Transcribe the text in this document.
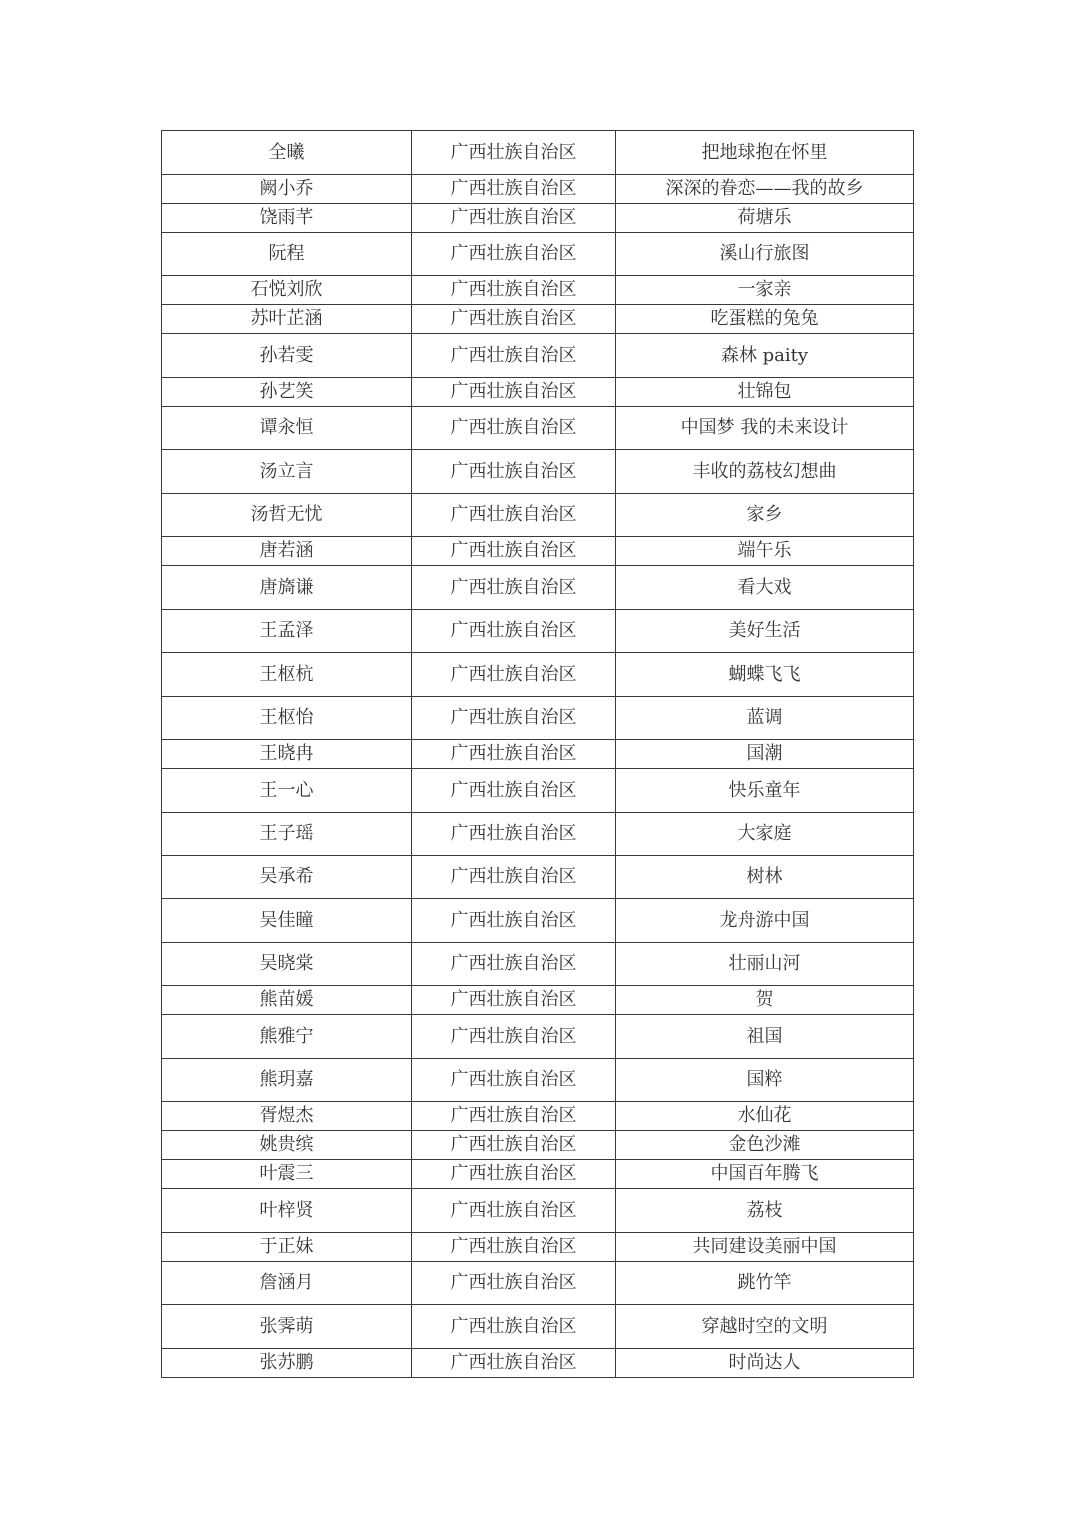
全曦	广西壮族自治区	把地球抱在怀里
阙小乔	广西壮族自治区	深深的眷恋——我的故乡
饶雨芊	广西壮族自治区	荷塘乐
阮程	广西壮族自治区	溪山行旅图
石悦刘欣	广西壮族自治区	一家亲
苏叶芷涵	广西壮族自治区	吃蛋糕的兔兔
孙若雯	广西壮族自治区	森林 paity
孙艺笑	广西壮族自治区	壮锦包
谭汆恒	广西壮族自治区	中国梦 我的未来设计
汤立言	广西壮族自治区	丰收的荔枝幻想曲
汤哲无忧	广西壮族自治区	家乡
唐若涵	广西壮族自治区	端午乐
唐旖谦	广西壮族自治区	看大戏
王孟泽	广西壮族自治区	美好生活
王枢杭	广西壮族自治区	蝴蝶飞飞
王枢怡	广西壮族自治区	蓝调
王晓冉	广西壮族自治区	国潮
王一心	广西壮族自治区	快乐童年
王子瑶	广西壮族自治区	大家庭
吴承希	广西壮族自治区	树林
吴佳瞳	广西壮族自治区	龙舟游中国
吴晓棠	广西壮族自治区	壮丽山河
熊苗媛	广西壮族自治区	贺
熊雅宁	广西壮族自治区	祖国
熊玥嘉	广西壮族自治区	国粹
胥煜杰	广西壮族自治区	水仙花
姚贵缤	广西壮族自治区	金色沙滩
叶震三	广西壮族自治区	中国百年腾飞
叶梓贤	广西壮族自治区	荔枝
于正妹	广西壮族自治区	共同建设美丽中国
詹涵月	广西壮族自治区	跳竹竿
张霁萌	广西壮族自治区	穿越时空的文明
张苏鹏	广西壮族自治区	时尚达人
